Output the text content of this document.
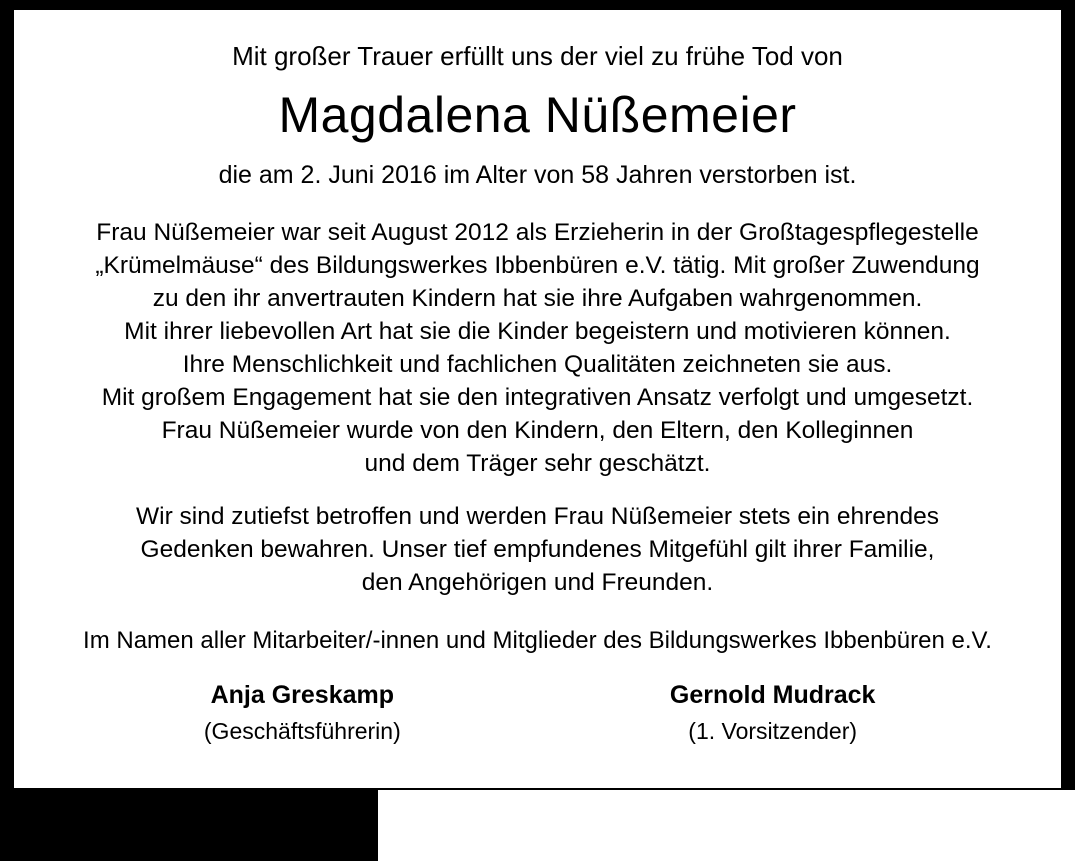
Mit großer Trauer erfüllt uns der viel zu frühe Tod von

Magdalena Nüßemeier

die am 2. Juni 2016 im Alter von 58 Jahren verstorben ist.

Frau Nüßemeier war seit August 2012 als Erzieherin in der Großtagespflegestelle
„Krümelmäuse“ des Bildungswerkes Ibbenbüren e.V. tätig. Mit großer Zuwendung
zu den ihr anvertrauten Kindern hat sie ihre Aufgaben wahrgenommen.
Mit ihrer liebevollen Art hat sie die Kinder begeistern und motivieren können.
Ihre Menschlichkeit und fachlichen Qualitäten zeichneten sie aus.
Mit großem Engagement hat sie den integrativen Ansatz verfolgt und umgesetzt.
Frau Nüßemeier wurde von den Kindern, den Eltern, den Kolleginnen
und dem Träger sehr geschätzt.
Wir sind zutiefst betroffen und werden Frau Nüßemeier stets ein ehrendes
Gedenken bewahren. Unser tief empfundenes Mitgefühl gilt ihrer Familie,
den Angehörigen und Freunden.

Im Namen aller Mitarbeiter/-innen und Mitglieder des Bildungswerkes Ibbenbüren e.V.

Anja Greskamp
(Geschäftsführerin)
Gernold Mudrack
(1. Vorsitzender)
